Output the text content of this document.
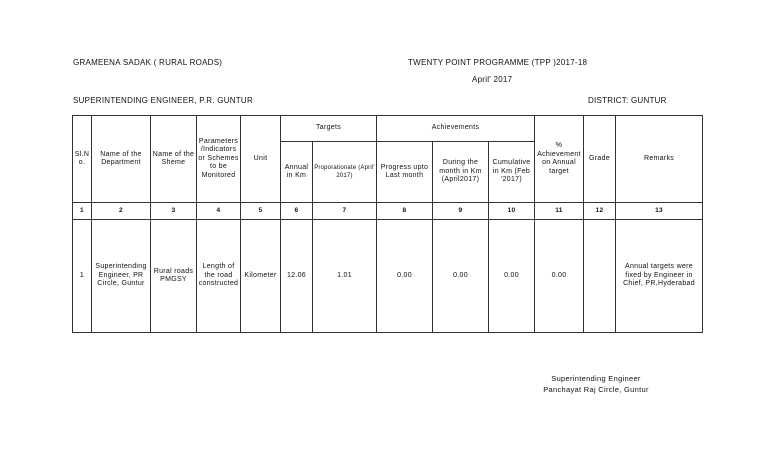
GRAMEENA SADAK ( RURAL ROADS)	TWENTY POINT PROGRAMME (TPP )2017-18
April' 2017
SUPERINTENDING ENGINEER, P.R. GUNTUR	DISTRICT: GUNTUR
Sl.No.	Name of the Department	Name of the Sheme	Parameters /Indicators or Schemes to be Monitored	Unit	Targets		Achievements			% Achievement on Annual target	Grade	Remarks
					Annual in Km	Proporationate (April' 2017)	Progress upto Last month	During the month in Km (April2017)	Cumulative in Km (Feb '2017)			
1	2	3	4	5	6	7	8	9	10	11	12	13
1	Superintending Engineer, PR Circle, Guntur	Rural roads PMGSY	Length of the road constructed	Kilometer	12.06	1.01	0.00	0.00	0.00	0.00		Annual targets were fixed by Engineer in Chief, PR,Hyderabad
Superintending Engineer
Panchayat Raj Circle, Guntur
